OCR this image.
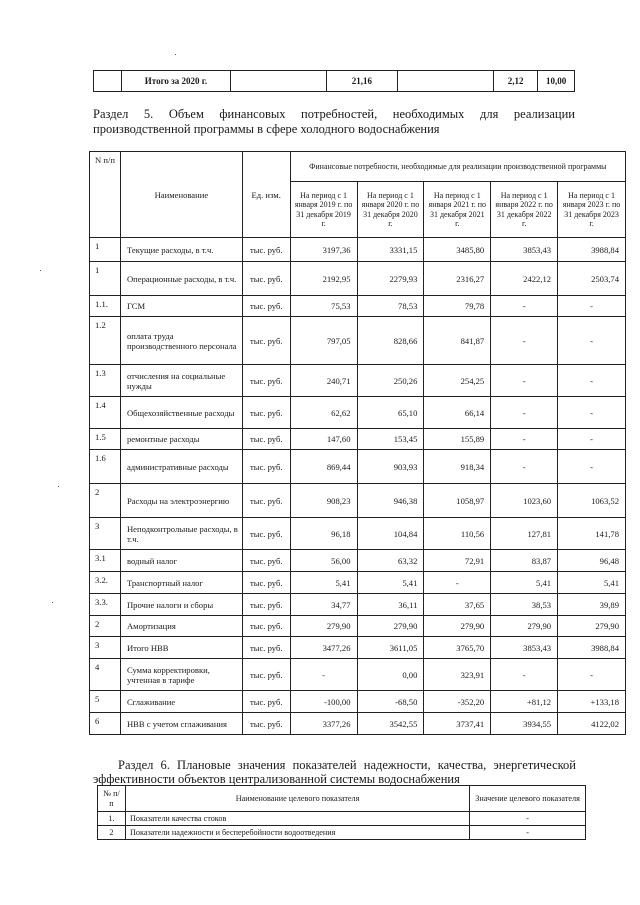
	Итого за 2020 г.		21,16		2,12	10,00
Раздел 5. Объем финансовых потребностей, необходимых для реализации
производственной программы в сфере холодного водоснабжения
N п/п	Наименование	Ед. изм.	Финансовые потребности, необходимые для реализации производственной программы				
			На период с 1 января 2019 г. по 31 декабря 2019 г.	На период с 1 января 2020 г. по 31 декабря 2020 г.	На период с 1 января 2021 г. по 31 декабря 2021 г.	На период с 1 января 2022 г. по 31 декабря 2022 г.	На период с 1 января 2023 г. по 31 декабря 2023 г.
1	Текущие расходы, в т.ч.	тыс. руб.	3197,36	3331,15	3485,80	3853,43	3988,84
1	Операционные расходы, в т.ч.	тыс. руб.	2192,95	2279,93	2316,27	2422,12	2503,74
1.1.	ГСМ	тыс. руб.	75,53	78,53	79,78	-	-
1.2	оплата труда производственного персонала	тыс. руб.	797,05	828,66	841,87	-	-
1.3	отчисления на социальные нужды	тыс. руб.	240,71	250,26	254,25	-	-
1.4	Общехозяйственные расходы	тыс. руб.	62,62	65,10	66,14	-	-
1.5	ремонтные расходы	тыс. руб.	147,60	153,45	155,89	-	-
1.6	административные расходы	тыс. руб.	869,44	903,93	918,34	-	-
2	Расходы на электроэнергию	тыс. руб.	908,23	946,38	1058,97	1023,60	1063,52
3	Неподконтрольные расходы, в т.ч.	тыс. руб.	96,18	104,84	110,56	127,81	141,78
3.1	водный налог	тыс. руб.	56,00	63,32	72,91	83,87	96,48
3.2.	Транспортный налог	тыс. руб.	5,41	5,41	-	5,41	5,41
3.3.	Прочие налоги и сборы	тыс. руб.	34,77	36,11	37,65	38,53	39,89
2	Амортизация	тыс. руб.	279,90	279,90	279,90	279,90	279,90
3	Итого НВВ	тыс. руб.	3477,26	3611,05	3765,70	3853,43	3988,84
4	Сумма корректировки, учтенная в тарифе	тыс. руб.	-	0,00	323,91	-	-
5	Сглаживание	тыс. руб.	-100,00	-68,50	-352,20	+81,12	+133,18
6	НВВ с учетом сглаживания	тыс. руб.	3377,26	3542,55	3737,41	3934,55	4122,02
Раздел 6. Плановые значения показателей надежности, качества, энергетической
эффективности объектов централизованной системы водоснабжения
№ п/п	Наименование целевого показателя	Значение целевого показателя
1.	Показатели качества стоков	-
2	Показатели надежности и бесперебойности водоотведения	-
